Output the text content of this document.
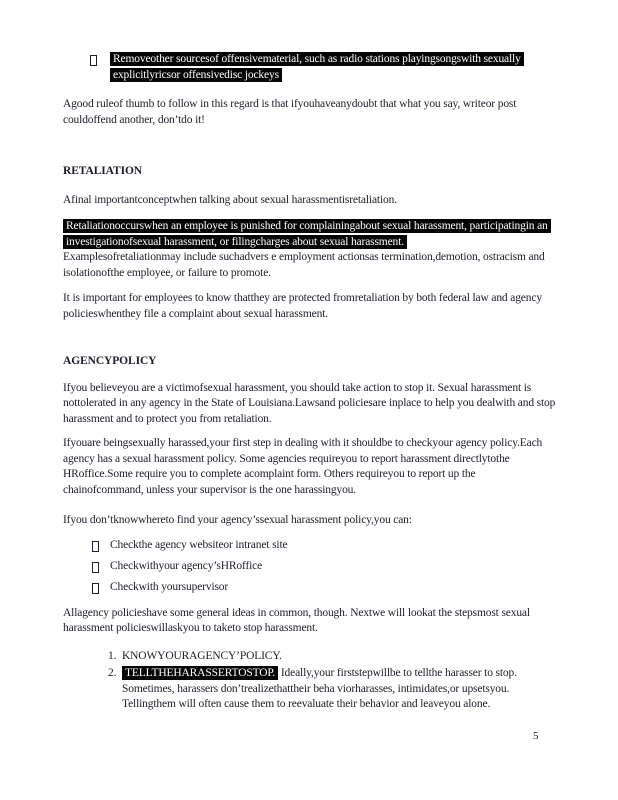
Removeother sourcesof offensivematerial, such as radio stations playingsongswith sexually explicitlyricsor offensivedisc jockeys

Agood ruleof thumb to follow in this regard is that ifyouhaveanydoubt that what you say, writeor post couldoffend another, don’tdo it!

RETALIATION

Afinal importantconceptwhen talking about sexual harassmentisretaliation.

Retaliationoccurswhen an employee is punished for complainingabout sexual harassment, participatingin an investigationofsexual harassment, or filingcharges about sexual harassment.

Examplesofretaliationmay include suchadvers e employment actionsas termination,demotion, ostracism and isolationofthe employee, or failure to promote.

It is important for employees to know thatthey are protected fromretaliation by both federal law and agency policieswhenthey file a complaint about sexual harassment.

AGENCYPOLICY

Ifyou believeyou are a victimofsexual harassment, you should take action to stop it. Sexual harassment is nottolerated in any agency in the State of Louisiana.Lawsand policiesare inplace to help you dealwith and stop harassment and to protect you from retaliation.

Ifyouare beingsexually harassed,your first step in dealing with it shouldbe to checkyour agency policy.Each agency has a sexual harassment policy. Some agencies requireyou to report harassment directlytothe HRoffice.Some require you to complete acomplaint form. Others requireyou to report up the chainofcommand, unless your supervisor is the one harassingyou.

Ifyou don’tknowwhereto find your agency’ssexual harassment policy,you can:

Checkthe agency websiteor intranet site
Checkwithyour agency’sHRoffice
Checkwith yoursupervisor

Allagency policieshave some general ideas in common, though. Nextwe will lookat the stepsmost sexual harassment policieswillaskyou to taketo stop harassment.

1. KNOWYOURAGENCY’POLICY.
2. TELLTHEHARASSERTOSTOP. Ideally,your firststepwillbe to tellthe harasser to stop. Sometimes, harassers don’trealizethattheir beha viorharasses, intimidates,or upsetsyou. Tellingthem will often cause them to reevaluate their behavior and leaveyou alone.
5
